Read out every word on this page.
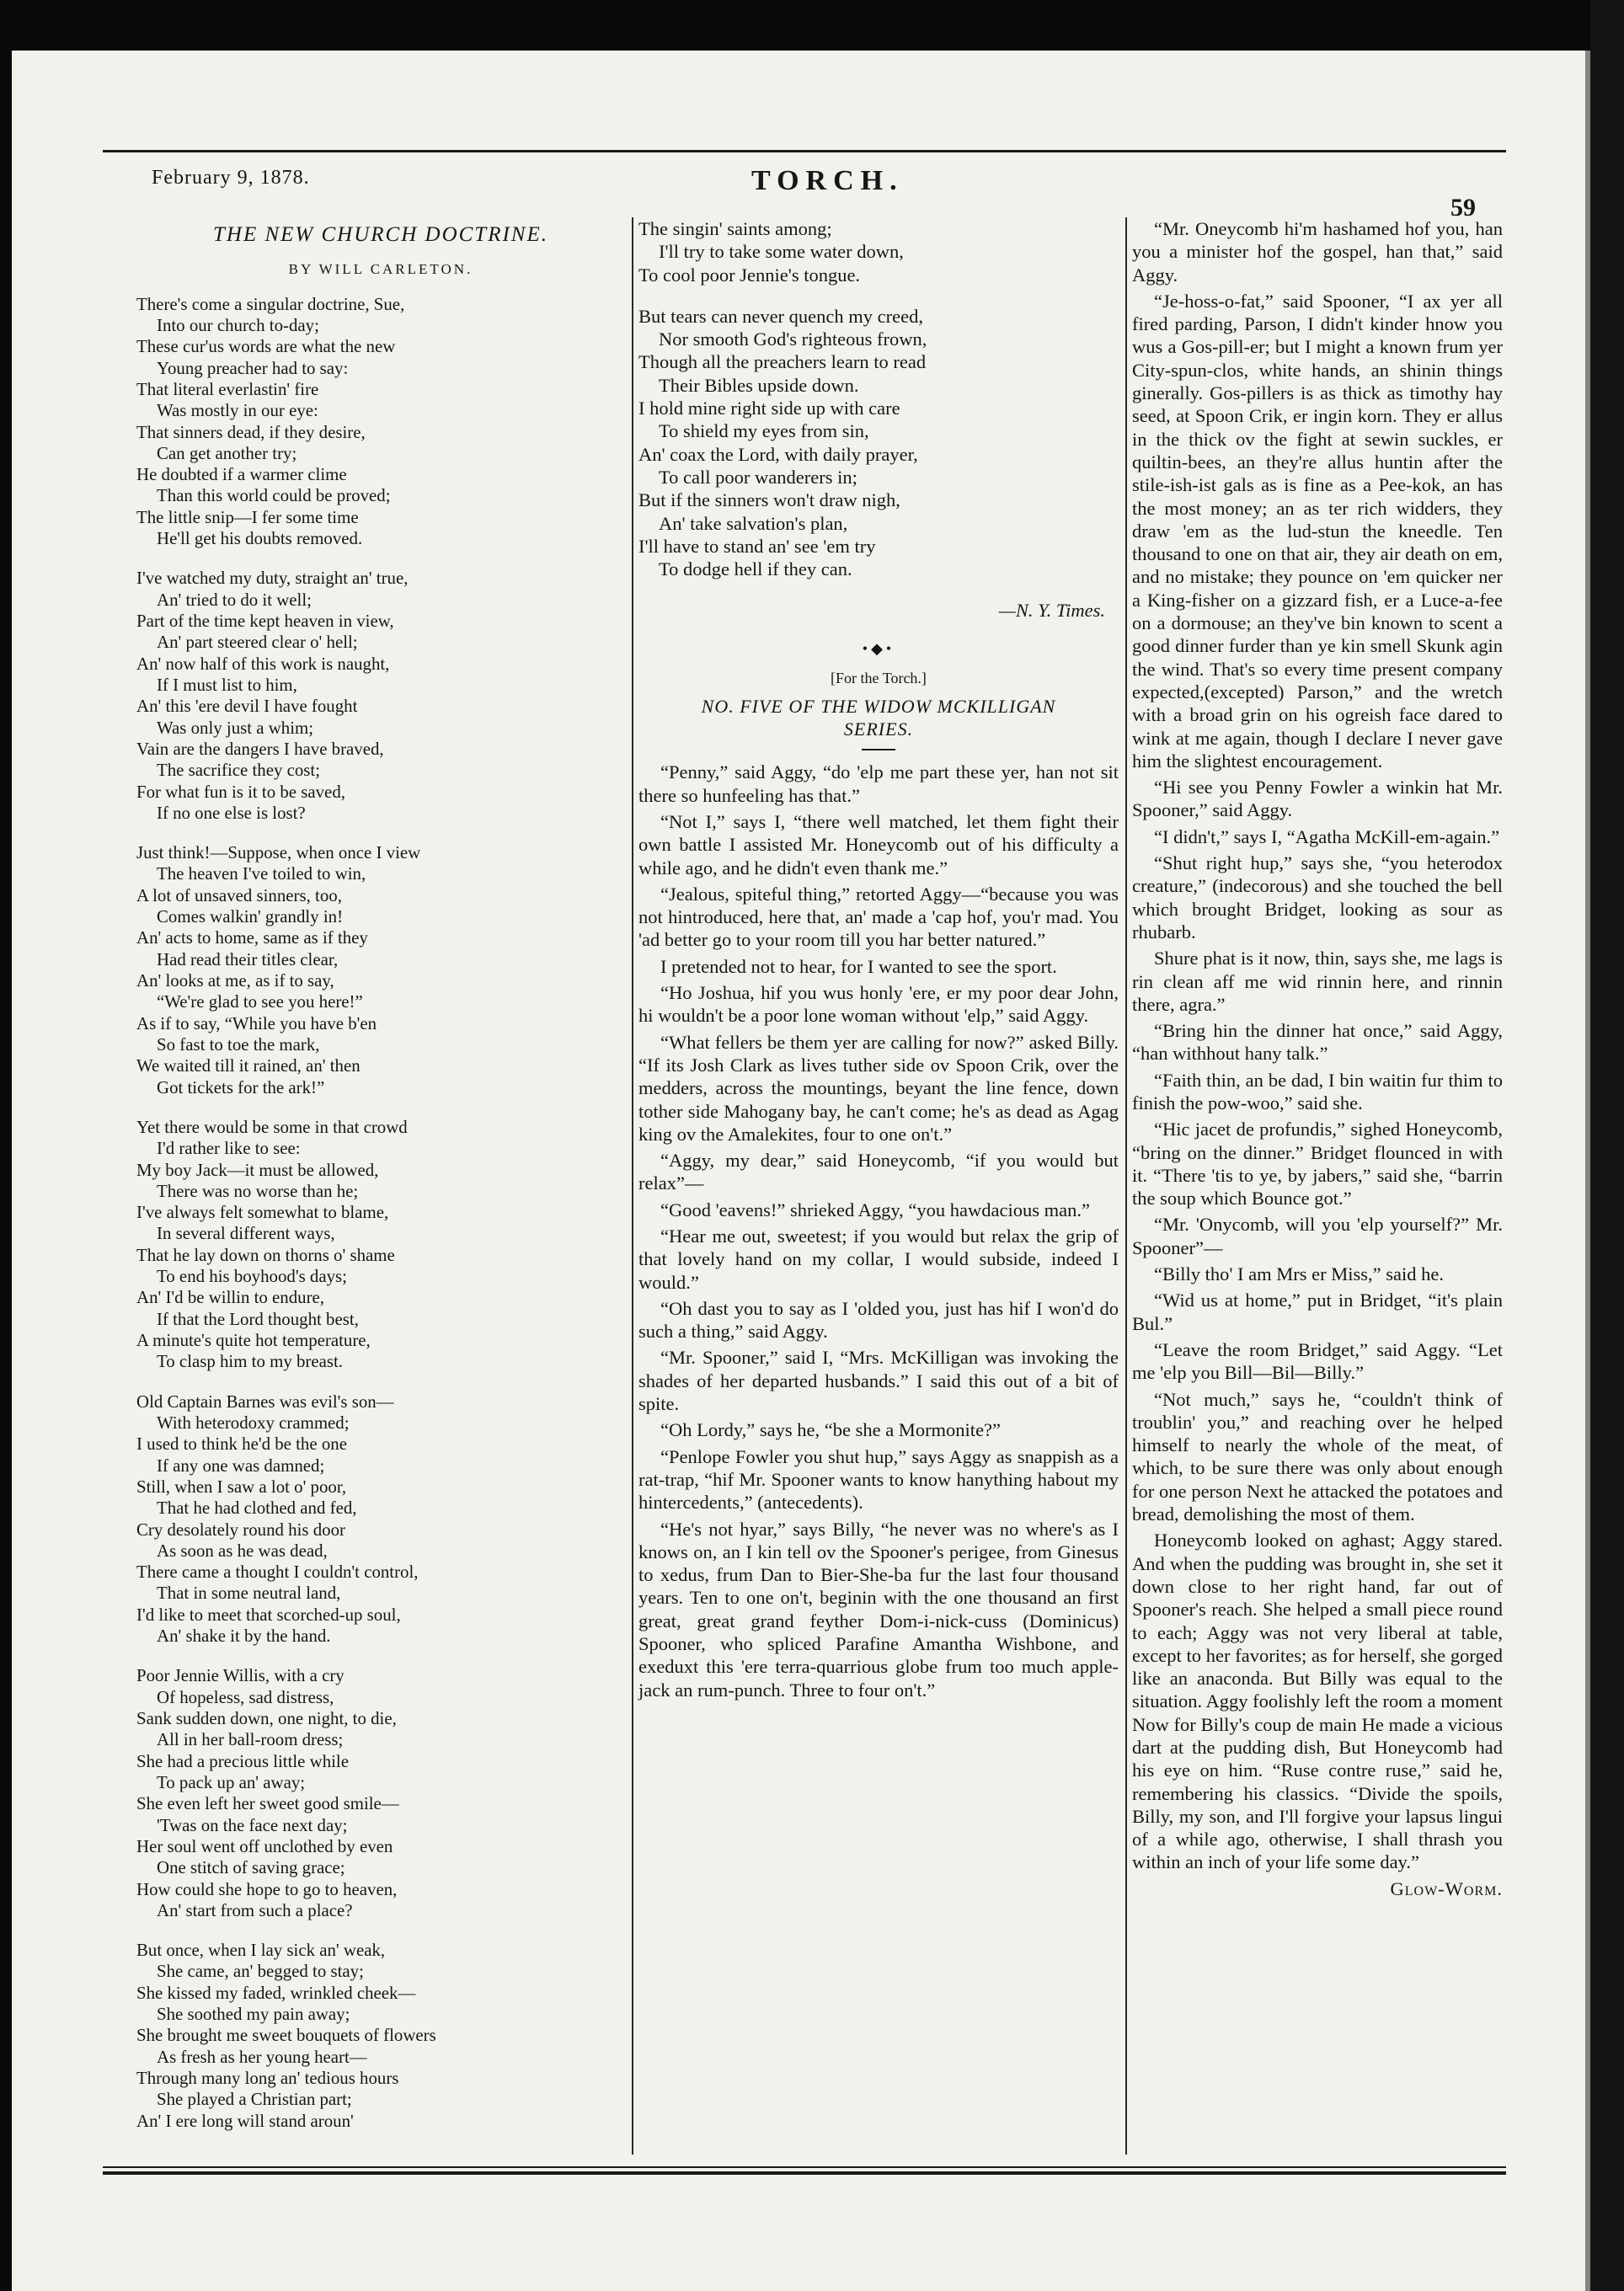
February 9, 1878.	TORCH.
59
THE NEW CHURCH DOCTRINE.
BY WILL CARLETON.
There's come a singular doctrine, Sue,
Into our church to-day;
These cur'us words are what the new
Young preacher had to say:
That literal everlastin' fire
Was mostly in our eye:
That sinners dead, if they desire,
Can get another try;
He doubted if a warmer clime
Than this world could be proved;
The little snip—I fer some time
He'll get his doubts removed.
I've watched my duty, straight an' true,
An' tried to do it well;
Part of the time kept heaven in view,
An' part steered clear o' hell;
An' now half of this work is naught,
If I must list to him,
An' this 'ere devil I have fought
Was only just a whim;
Vain are the dangers I have braved,
The sacrifice they cost;
For what fun is it to be saved,
If no one else is lost?
Just think!—Suppose, when once I view
The heaven I've toiled to win,
A lot of unsaved sinners, too,
Comes walkin' grandly in!
An' acts to home, same as if they
Had read their titles clear,
An' looks at me, as if to say,
“We're glad to see you here!”
As if to say, “While you have b'en
So fast to toe the mark,
We waited till it rained, an' then
Got tickets for the ark!”
Yet there would be some in that crowd
I'd rather like to see:
My boy Jack—it must be allowed,
There was no worse than he;
I've always felt somewhat to blame,
In several different ways,
That he lay down on thorns o' shame
To end his boyhood's days;
An' I'd be willin to endure,
If that the Lord thought best,
A minute's quite hot temperature,
To clasp him to my breast.
Old Captain Barnes was evil's son—
With heterodoxy crammed;
I used to think he'd be the one
If any one was damned;
Still, when I saw a lot o' poor,
That he had clothed and fed,
Cry desolately round his door
As soon as he was dead,
There came a thought I couldn't control,
That in some neutral land,
I'd like to meet that scorched-up soul,
An' shake it by the hand.
Poor Jennie Willis, with a cry
Of hopeless, sad distress,
Sank sudden down, one night, to die,
All in her ball-room dress;
She had a precious little while
To pack up an' away;
She even left her sweet good smile—
'Twas on the face next day;
Her soul went off unclothed by even
One stitch of saving grace;
How could she hope to go to heaven,
An' start from such a place?
But once, when I lay sick an' weak,
She came, an' begged to stay;
She kissed my faded, wrinkled cheek—
She soothed my pain away;
She brought me sweet bouquets of flowers
As fresh as her young heart—
Through many long an' tedious hours
She played a Christian part;
An' I ere long will stand aroun'
The singin' saints among;
I'll try to take some water down,
To cool poor Jennie's tongue.
But tears can never quench my creed,
Nor smooth God's righteous frown,
Though all the preachers learn to read
Their Bibles upside down.
I hold mine right side up with care
To shield my eyes from sin,
An' coax the Lord, with daily prayer,
To call poor wanderers in;
But if the sinners won't draw nigh,
An' take salvation's plan,
I'll have to stand an' see 'em try
To dodge hell if they can.
—N. Y. Times.
•◆•
[For the Torch.]
NO. FIVE OF THE WIDOW MCKILLIGAN
SERIES.

“Penny,” said Aggy, “do 'elp me part these yer, han not sit there so hunfeeling has that.”

“Not I,” says I, “there well matched, let them fight their own battle I assisted Mr. Honeycomb out of his difficulty a while ago, and he didn't even thank me.”

“Jealous, spiteful thing,” retorted Aggy—“because you was not hintroduced, here that, an' made a 'cap hof, you'r mad. You 'ad better go to your room till you har better natured.”

I pretended not to hear, for I wanted to see the sport.

“Ho Joshua, hif you wus honly 'ere, er my poor dear John, hi wouldn't be a poor lone woman without 'elp,” said Aggy.

“What fellers be them yer are calling for now?” asked Billy. “If its Josh Clark as lives tuther side ov Spoon Crik, over the medders, across the mountings, beyant the line fence, down tother side Mahogany bay, he can't come; he's as dead as Agag king ov the Amalekites, four to one on't.”

“Aggy, my dear,” said Honeycomb, “if you would but relax”—

“Good 'eavens!” shrieked Aggy, “you hawdacious man.”

“Hear me out, sweetest; if you would but relax the grip of that lovely hand on my collar, I would subside, indeed I would.”

“Oh dast you to say as I 'olded you, just has hif I won'd do such a thing,” said Aggy.

“Mr. Spooner,” said I, “Mrs. McKilligan was invoking the shades of her departed husbands.” I said this out of a bit of spite.

“Oh Lordy,” says he, “be she a Mormonite?”

“Penlope Fowler you shut hup,” says Aggy as snappish as a rat-trap, “hif Mr. Spooner wants to know hanything habout my hintercedents,” (antecedents).

“He's not hyar,” says Billy, “he never was no where's as I knows on, an I kin tell ov the Spooner's perigee, from Ginesus to xedus, frum Dan to Bier-She-ba fur the last four thousand years. Ten to one on't, beginin with the one thousand an first great, great grand feyther Dom-i-nick-cuss (Dominicus) Spooner, who spliced Parafine Amantha Wishbone, and exeduxt this 'ere terra-quarrious globe frum too much apple-jack an rum-punch. Three to four on't.”

“Mr. Oneycomb hi'm hashamed hof you, han you a minister hof the gospel, han that,” said Aggy.

“Je-hoss-o-fat,” said Spooner, “I ax yer all fired parding, Parson, I didn't kinder hnow you wus a Gos-pill-er; but I might a known frum yer City-spun-clos, white hands, an shinin things ginerally. Gos-pillers is as thick as timothy hay seed, at Spoon Crik, er ingin korn. They er allus in the thick ov the fight at sewin suckles, er quiltin-bees, an they're allus huntin after the stile-ish-ist gals as is fine as a Pee-kok, an has the most money; an as ter rich widders, they draw 'em as the lud-stun the kneedle. Ten thousand to one on that air, they air death on em, and no mistake; they pounce on 'em quicker ner a King-fisher on a gizzard fish, er a Luce-a-fee on a dormouse; an they've bin known to scent a good dinner furder than ye kin smell Skunk agin the wind. That's so every time present company expected,(excepted) Parson,” and the wretch with a broad grin on his ogreish face dared to wink at me again, though I declare I never gave him the slightest encouragement.

“Hi see you Penny Fowler a winkin hat Mr. Spooner,” said Aggy.

“I didn't,” says I, “Agatha McKill-em-again.”

“Shut right hup,” says she, “you heterodox creature,” (indecorous) and she touched the bell which brought Bridget, looking as sour as rhubarb.

Shure phat is it now, thin, says she, me lags is rin clean aff me wid rinnin here, and rinnin there, agra.”

“Bring hin the dinner hat once,” said Aggy, “han withhout hany talk.”

“Faith thin, an be dad, I bin waitin fur thim to finish the pow-woo,” said she.

“Hic jacet de profundis,” sighed Honeycomb, “bring on the dinner.” Bridget flounced in with it. “There 'tis to ye, by jabers,” said she, “barrin the soup which Bounce got.”

“Mr. 'Onycomb, will you 'elp yourself?” Mr. Spooner”—

“Billy tho' I am Mrs er Miss,” said he.

“Wid us at home,” put in Bridget, “it's plain Bul.”

“Leave the room Bridget,” said Aggy. “Let me 'elp you Bill—Bil—Billy.”

“Not much,” says he, “couldn't think of troublin' you,” and reaching over he helped himself to nearly the whole of the meat, of which, to be sure there was only about enough for one person Next he attacked the potatoes and bread, demolishing the most of them.

Honeycomb looked on aghast; Aggy stared. And when the pudding was brought in, she set it down close to her right hand, far out of Spooner's reach. She helped a small piece round to each; Aggy was not very liberal at table, except to her favorites; as for herself, she gorged like an anaconda. But Billy was equal to the situation. Aggy foolishly left the room a moment Now for Billy's coup de main He made a vicious dart at the pudding dish, But Honeycomb had his eye on him. “Ruse contre ruse,” said he, remembering his classics. “Divide the spoils, Billy, my son, and I'll forgive your lapsus lingui of a while ago, otherwise, I shall thrash you within an inch of your life some day.”

Glow-Worm.
